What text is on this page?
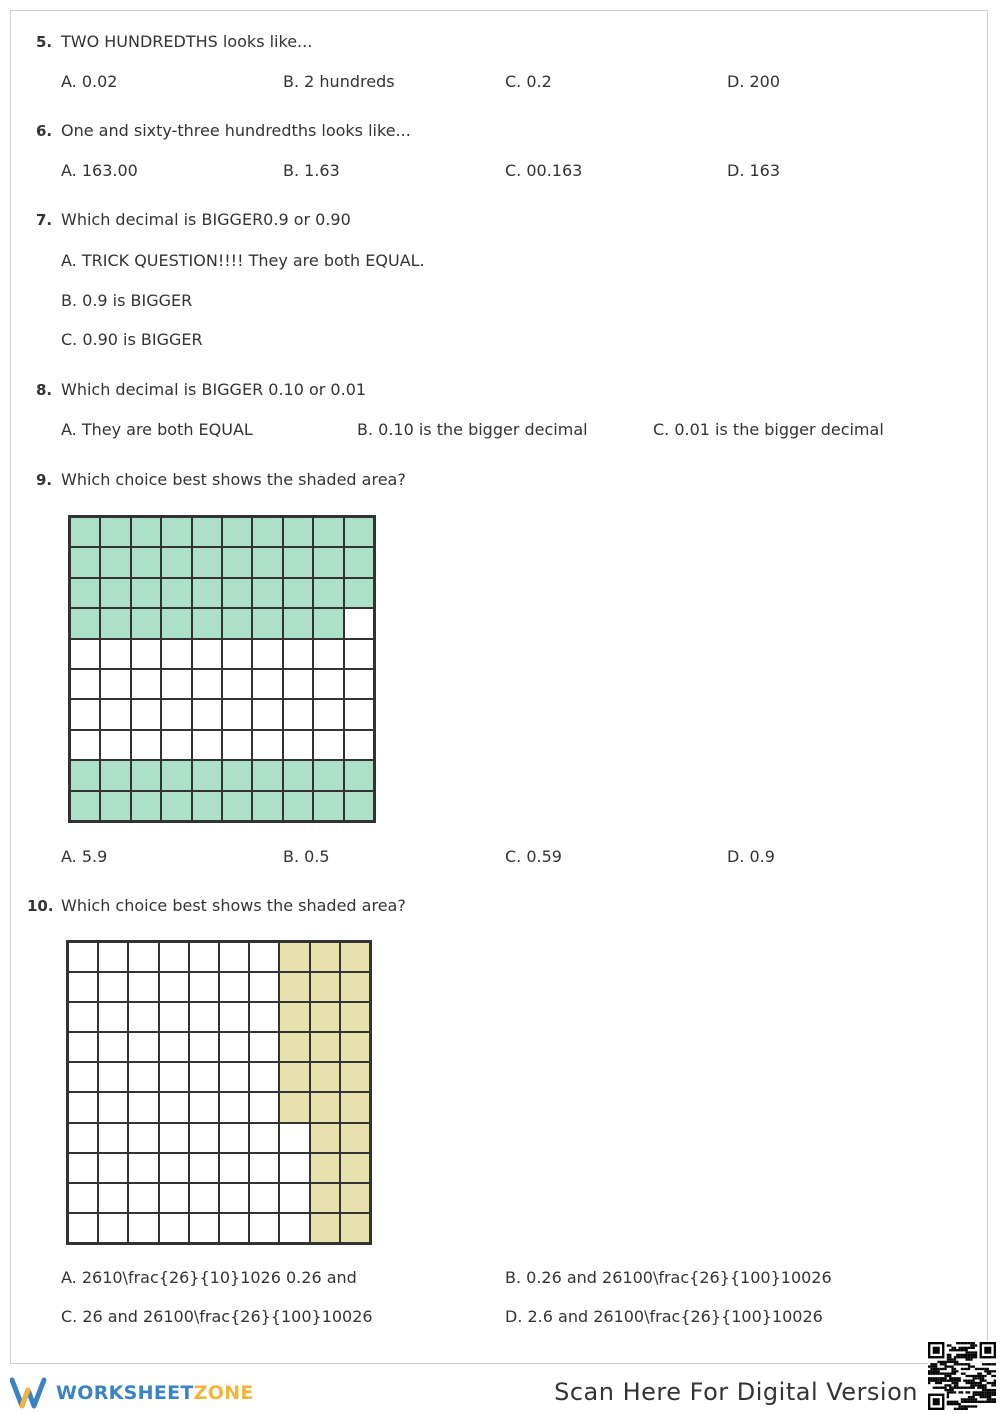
5. TWO HUNDREDTHS looks like...
A. 0.02	B. 2 hundreds	C. 0.2	D. 200
6. One and sixty-three hundredths looks like...
A. 163.00	B. 1.63	C. 00.163	D. 163
7. Which decimal is BIGGER0.9 or 0.90
A. TRICK QUESTION!!!! They are both EQUAL.
B. 0.9 is BIGGER
C. 0.90 is BIGGER
8. Which decimal is BIGGER 0.10 or 0.01
A. They are both EQUAL	B. 0.10 is the bigger decimal	C. 0.01 is the bigger decimal
9. Which choice best shows the shaded area?
A. 5.9	B. 0.5	C. 0.59	D. 0.9
10. Which choice best shows the shaded area?
A. 2610\frac{26}{10}1026 0.26 and	B. 0.26 and 26100\frac{26}{100}10026
C. 26 and 26100\frac{26}{100}10026	D. 2.6 and 26100\frac{26}{100}10026
WORKSHEETZONE	Scan Here For Digital Version
